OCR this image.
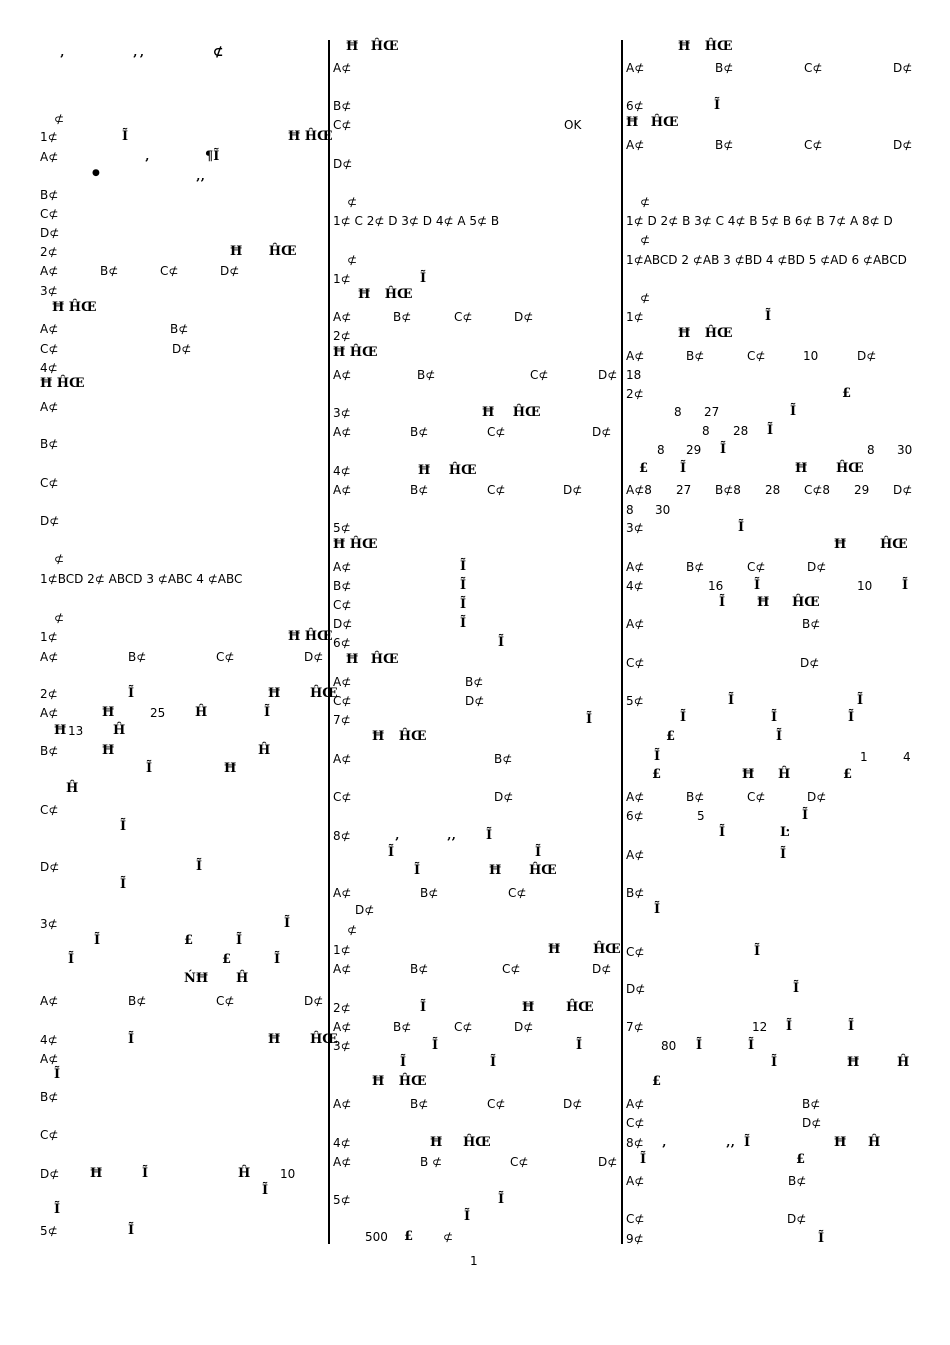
‚ ‚‚ ⊄
⊄
1⊄	Ĩ	Ħ ĤŒ
A⊄	‚	¶Ĩ
●	‚‚
B⊄
C⊄
D⊄
2⊄	Ħ ĤŒ
A⊄	B⊄	C⊄	D⊄
3⊄
Ħ ĤŒ
A⊄	B⊄
C⊄	D⊄
4⊄
Ħ ĤŒ
A⊄
B⊄
C⊄
D⊄
⊄
1⊄BCD 2⊄ ABCD 3 ⊄ABC 4 ⊄ABC
⊄
1⊄	Ħ ĤŒ
A⊄	B⊄	C⊄	D⊄
2⊄	Ĩ	Ħ ĤŒ
A⊄	Ħ	25 Ĥ	Ĩ
Ħ 13 Ĥ
B⊄	Ħ	Ĥ
Ĩ	Ħ
Ĥ
C⊄
Ĩ
D⊄	Ĩ
Ĩ
3⊄	Ĩ
Ĩ	£	Ĩ
Ĩ	£	Ĩ
ŃĦ Ĥ
A⊄	B⊄	C⊄	D⊄
4⊄	Ĩ	Ħ ĤŒ
A⊄
Ĩ
B⊄
C⊄
D⊄ Ħ	Ĩ	Ĥ 10
Ĩ
Ĩ
5⊄	Ĩ
Ħ ĤŒ
A⊄
B⊄
C⊄	OK
D⊄
⊄
1⊄ C 2⊄ D 3⊄ D 4⊄ A 5⊄ B
⊄
1⊄	Ĩ
Ħ ĤŒ
A⊄	B⊄	C⊄	D⊄
2⊄
Ħ ĤŒ
A⊄	B⊄	C⊄	D⊄
3⊄	Ħ ĤŒ
A⊄	B⊄	C⊄	D⊄
4⊄	Ħ ĤŒ
A⊄	B⊄	C⊄	D⊄
5⊄
Ħ ĤŒ
A⊄	Ĩ
B⊄	Ĩ
C⊄	Ĩ
D⊄	Ĩ
6⊄	Ĩ
Ħ ĤŒ
A⊄	B⊄
C⊄	D⊄
7⊄	Ĩ
Ħ ĤŒ
A⊄	B⊄
C⊄	D⊄
8⊄	‚	‚‚ Ĩ
Ĩ	Ĩ
Ĩ	Ħ ĤŒ
A⊄	B⊄	C⊄
D⊄
⊄
1⊄	Ħ	ĤŒ
A⊄	B⊄	C⊄	D⊄
2⊄	Ĩ	Ħ ĤŒ
A⊄	B⊄	C⊄	D⊄
3⊄	Ĩ	Ĩ
Ĩ	Ĩ
Ħ ĤŒ
A⊄	B⊄	C⊄	D⊄
4⊄	Ħ ĤŒ
A⊄	B ⊄	C⊄	D⊄
5⊄	Ĩ
Ĩ
500 £ ⊄
Ħ ĤŒ
A⊄	B⊄	C⊄	D⊄
6⊄	Ĩ
Ħ ĤŒ
A⊄	B⊄	C⊄	D⊄
⊄
1⊄ D 2⊄ B 3⊄ C 4⊄ B 5⊄ B 6⊄ B 7⊄ A 8⊄ D
⊄
1⊄ABCD 2 ⊄AB 3 ⊄BD 4 ⊄BD 5 ⊄AD 6 ⊄ABCD
⊄
1⊄	Ĩ
Ħ ĤŒ
A⊄	B⊄	C⊄	10	D⊄
18
2⊄	£
8 27	Ĩ
8 28 Ĩ
8 29 Ĩ	8 30
£ Ĩ	Ħ ĤŒ
A⊄8 27 B⊄8 28 C⊄8 29 D⊄
8 30
3⊄	Ĩ
Ħ	ĤŒ
A⊄	B⊄	C⊄	D⊄
4⊄	16 Ĩ	10 Ĩ
Ĩ Ħ ĤŒ
A⊄	B⊄
C⊄	D⊄
5⊄	Ĩ	Ĩ
Ĩ	Ĩ	Ĩ
£	Ĩ
Ĩ	1	4
£	Ħ Ĥ	£
A⊄	B⊄	C⊄	D⊄
6⊄	5	Ĩ
Ĩ	Ŀ
A⊄	Ĩ
B⊄
Ĩ
C⊄	Ĩ
D⊄	Ĩ
7⊄	12 Ĩ	Ĩ
80 Ĩ	Ĩ
Ĩ	Ħ	Ĥ
£
A⊄	B⊄
C⊄	D⊄
8⊄ ‚	‚‚ Ĩ	Ħ Ĥ
Ĩ	£
A⊄	B⊄
C⊄	D⊄
9⊄	Ĩ
1
